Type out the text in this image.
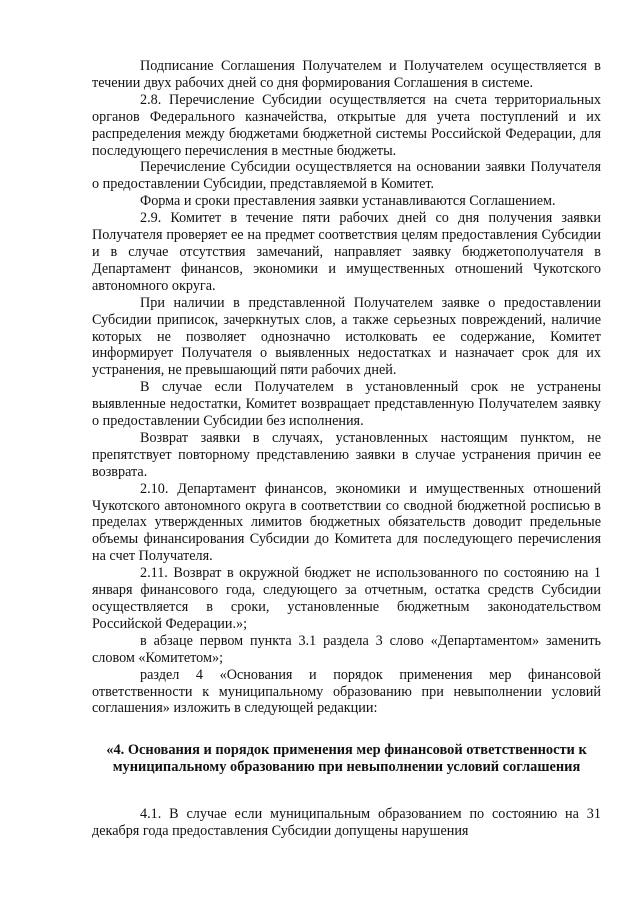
Подписание Соглашения Получателем и Получателем осуществляется в течении двух рабочих дней со дня формирования Соглашения в системе.

2.8. Перечисление Субсидии осуществляется на счета территориальных органов Федерального казначейства, открытые для учета поступлений и их распределения между бюджетами бюджетной системы Российской Федерации, для последующего перечисления в местные бюджеты.

Перечисление Субсидии осуществляется на основании заявки Получателя о предоставлении Субсидии, представляемой в Комитет.

Форма и сроки преставления заявки устанавливаются Соглашением.

2.9. Комитет в течение пяти рабочих дней со дня получения заявки Получателя проверяет ее на предмет соответствия целям предоставления Субсидии и в случае отсутствия замечаний, направляет заявку бюджетополучателя в Департамент финансов, экономики и имущественных отношений Чукотского автономного округа.

При наличии в представленной Получателем заявке о предоставлении Субсидии приписок, зачеркнутых слов, а также серьезных повреждений, наличие которых не позволяет однозначно истолковать ее содержание, Комитет информирует Получателя о выявленных недостатках и назначает срок для их устранения, не превышающий пяти рабочих дней.

В случае если Получателем в установленный срок не устранены выявленные недостатки, Комитет возвращает представленную Получателем заявку о предоставлении Субсидии без исполнения.

Возврат заявки в случаях, установленных настоящим пунктом, не препятствует повторному представлению заявки в случае устранения причин ее возврата.

2.10. Департамент финансов, экономики и имущественных отношений Чукотского автономного округа в соответствии со сводной бюджетной росписью в пределах утвержденных лимитов бюджетных обязательств доводит предельные объемы финансирования Субсидии до Комитета для последующего перечисления на счет Получателя.

2.11. Возврат в окружной бюджет не использованного по состоянию на 1 января финансового года, следующего за отчетным, остатка средств Субсидии осуществляется в сроки, установленные бюджетным законодательством Российской Федерации.»;

в абзаце первом пункта 3.1 раздела 3 слово «Департаментом» заменить словом «Комитетом»;

раздел 4 «Основания и порядок применения мер финансовой ответственности к муниципальному образованию при невыполнении условий соглашения» изложить в следующей редакции:

«4. Основания и порядок применения мер финансовой ответственности к
муниципальному образованию при невыполнении условий соглашения

4.1. В случае если муниципальным образованием по состоянию на 31 декабря года предоставления Субсидии допущены нарушения
